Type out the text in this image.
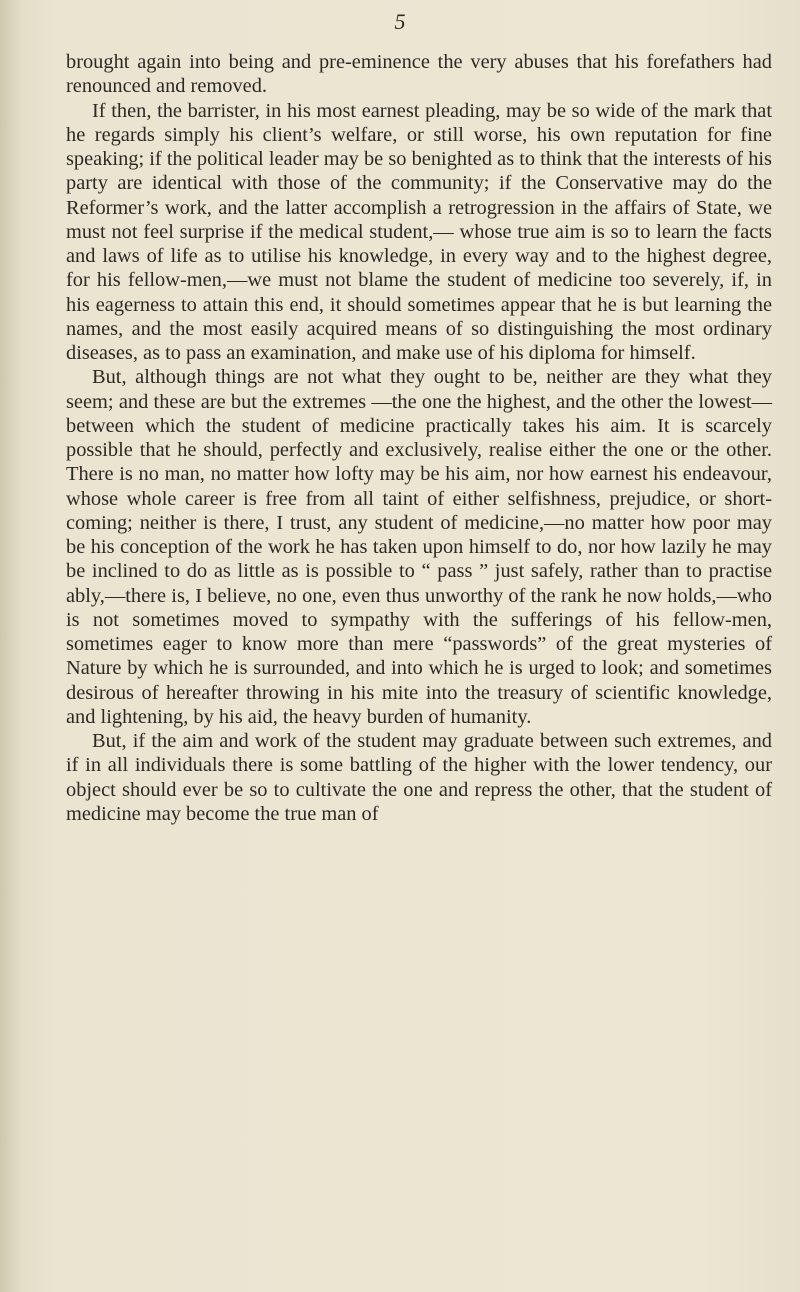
5

brought again into being and pre-eminence the very abuses that his forefathers had renounced and removed.

If then, the barrister, in his most earnest pleading, may be so wide of the mark that he regards simply his client’s welfare, or still worse, his own reputation for fine speaking; if the political leader may be so benighted as to think that the interests of his party are identical with those of the community; if the Conservative may do the Reformer’s work, and the latter accomplish a retrogression in the affairs of State, we must not feel surprise if the medical student,— whose true aim is so to learn the facts and laws of life as to utilise his knowledge, in every way and to the highest degree, for his fellow-men,—we must not blame the student of medicine too severely, if, in his eagerness to attain this end, it should sometimes appear that he is but learning the names, and the most easily acquired means of so distinguishing the most ordinary diseases, as to pass an examination, and make use of his diploma for himself.

But, although things are not what they ought to be, neither are they what they seem; and these are but the extremes —the one the highest, and the other the lowest—between which the student of medicine practically takes his aim. It is scarcely possible that he should, perfectly and exclusively, realise either the one or the other. There is no man, no matter how lofty may be his aim, nor how earnest his endeavour, whose whole career is free from all taint of either selfishness, prejudice, or short-coming; neither is there, I trust, any student of medicine,—no matter how poor may be his conception of the work he has taken upon himself to do, nor how lazily he may be inclined to do as little as is possible to “ pass ” just safely, rather than to practise ably,—there is, I believe, no one, even thus unworthy of the rank he now holds,—who is not sometimes moved to sympathy with the sufferings of his fellow-men, sometimes eager to know more than mere “passwords” of the great mysteries of Nature by which he is surrounded, and into which he is urged to look; and sometimes desirous of hereafter throwing in his mite into the treasury of scientific knowledge, and lightening, by his aid, the heavy burden of humanity.

But, if the aim and work of the student may graduate between such extremes, and if in all individuals there is some battling of the higher with the lower tendency, our object should ever be so to cultivate the one and repress the other, that the student of medicine may become the true man of
